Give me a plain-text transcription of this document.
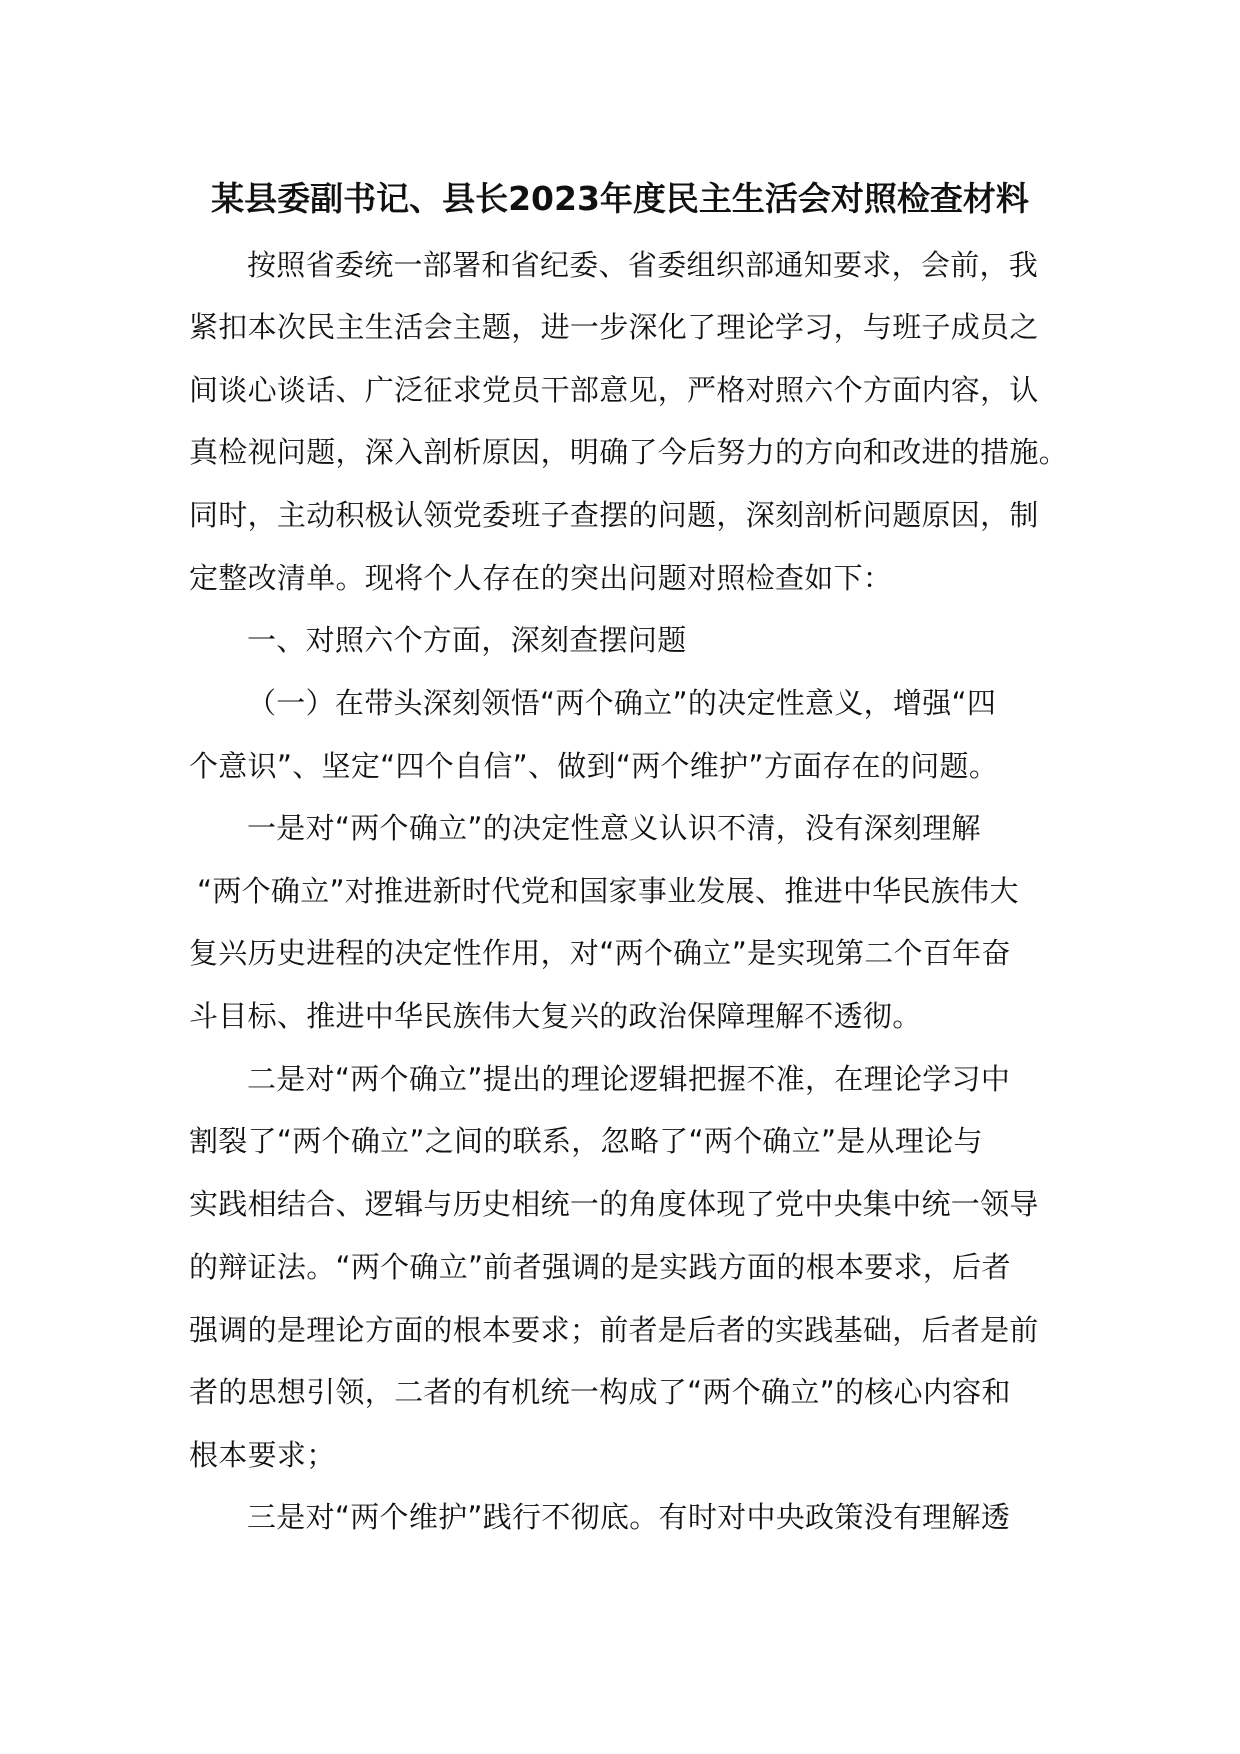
某县委副书记、县长2023年度民主生活会对照检查材料

按照省委统一部署和省纪委、省委组织部通知要求，会前，我

紧扣本次民主生活会主题，进一步深化了理论学习，与班子成员之

间谈心谈话、广泛征求党员干部意见，严格对照六个方面内容，认

真检视问题，深入剖析原因，明确了今后努力的方向和改进的措施。

同时，主动积极认领党委班子查摆的问题，深刻剖析问题原因，制

定整改清单。现将个人存在的突出问题对照检查如下：

一、对照六个方面，深刻查摆问题

（一）在带头深刻领悟“两个确立”的决定性意义，增强“四

个意识”、坚定“四个自信”、做到“两个维护”方面存在的问题。

一是对“两个确立”的决定性意义认识不清，没有深刻理解

“两个确立”对推进新时代党和国家事业发展、推进中华民族伟大

复兴历史进程的决定性作用，对“两个确立”是实现第二个百年奋

斗目标、推进中华民族伟大复兴的政治保障理解不透彻。

二是对“两个确立”提出的理论逻辑把握不准，在理论学习中

割裂了“两个确立”之间的联系，忽略了“两个确立”是从理论与

实践相结合、逻辑与历史相统一的角度体现了党中央集中统一领导

的辩证法。“两个确立”前者强调的是实践方面的根本要求，后者

强调的是理论方面的根本要求；前者是后者的实践基础，后者是前

者的思想引领，二者的有机统一构成了“两个确立”的核心内容和

根本要求；

三是对“两个维护”践行不彻底。有时对中央政策没有理解透
